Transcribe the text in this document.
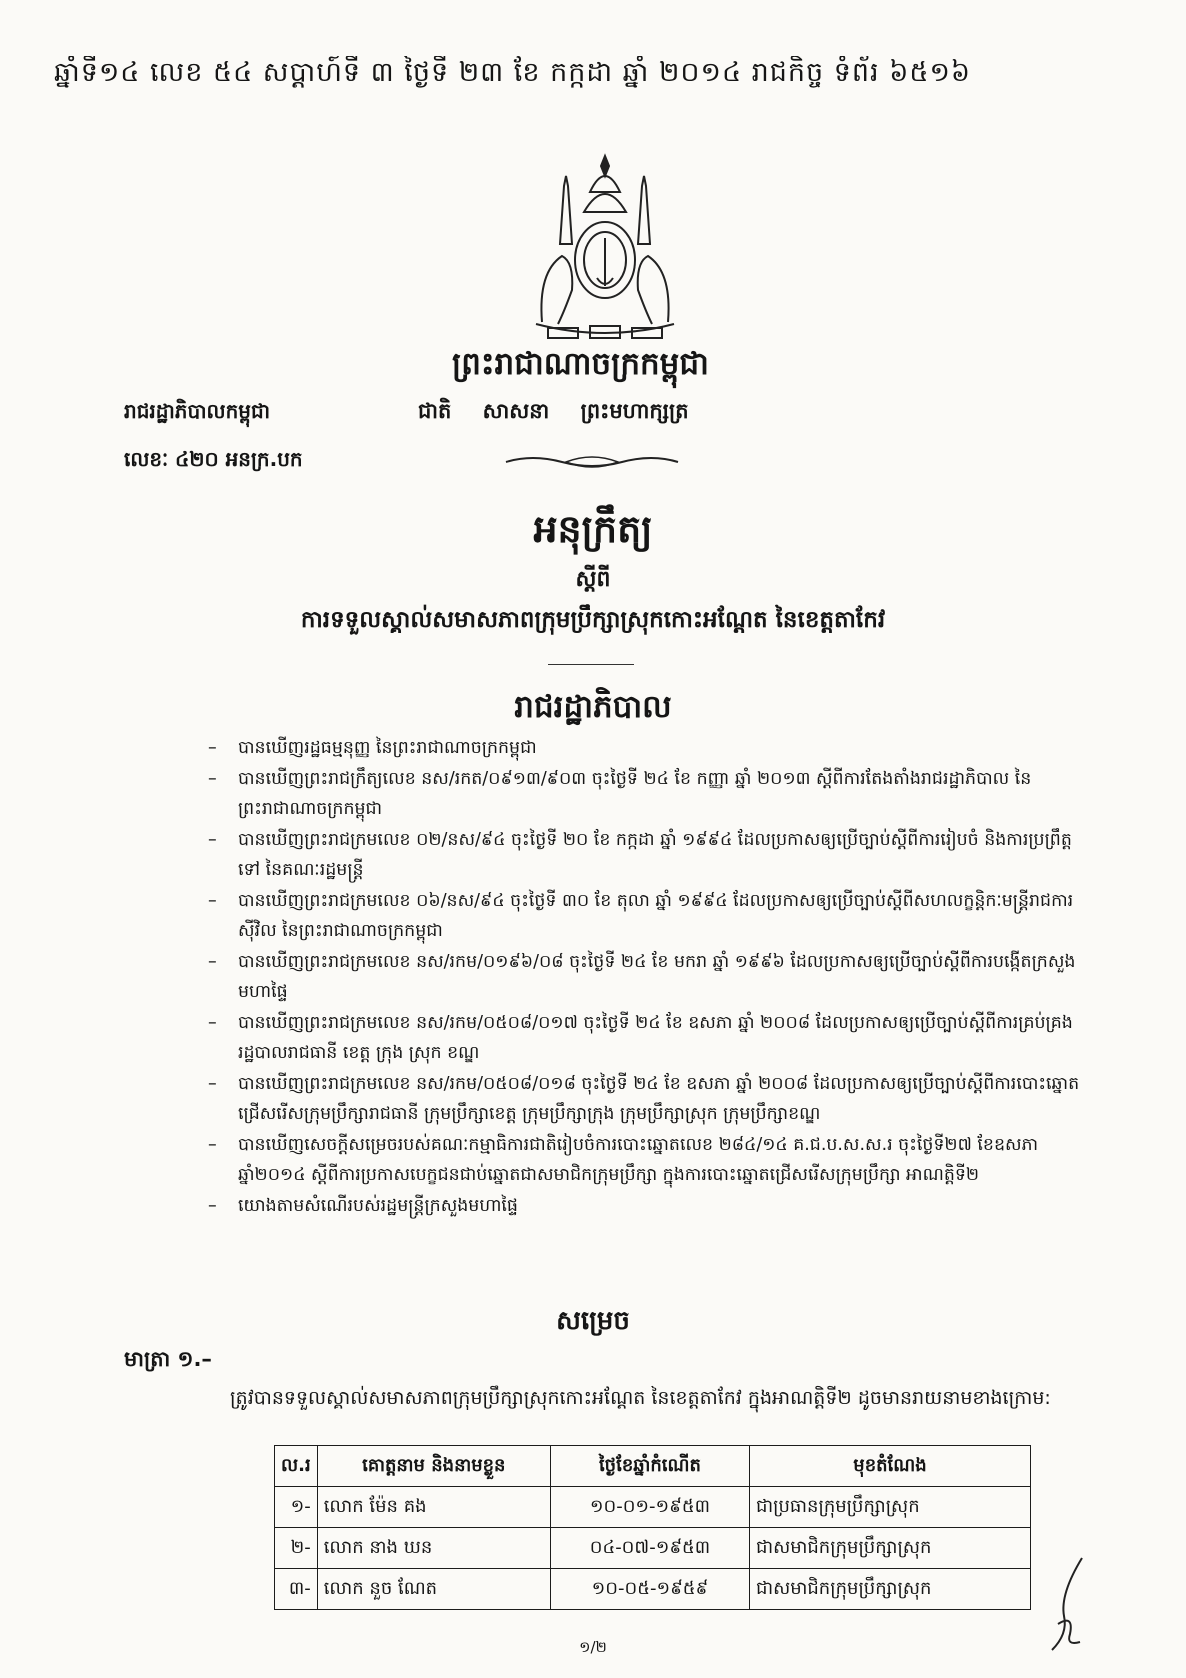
ឆ្នាំទី១៤ លេខ ៥៤ សប្តាហ៍ទី ៣ ថ្ងៃទី ២៣ ខែ កក្កដា ឆ្នាំ ២០១៤ រាជកិច្ច ទំព័រ ៦៥១៦
ព្រះរាជាណាចក្រកម្ពុជា
រាជរដ្ឋាភិបាលកម្ពុជា	ជាតិ សាសនា ព្រះមហាក្សត្រ
លេខៈ ៤២០ អនក្រ.បក
អនុក្រឹត្យ
ស្តីពី
ការទទួលស្គាល់សមាសភាពក្រុមប្រឹក្សាស្រុកកោះអណ្ដែត នៃខេត្តតាកែវ
រាជរដ្ឋាភិបាល
– បានឃើញរដ្ឋធម្មនុញ្ញ នៃព្រះរាជាណាចក្រកម្ពុជា
– បានឃើញព្រះរាជក្រឹត្យលេខ នស/រកត/០៩១៣/៩០៣ ចុះថ្ងៃទី ២៤ ខែ កញ្ញា ឆ្នាំ ២០១៣ ស្តីពីការតែងតាំងរាជរដ្ឋាភិបាល នៃព្រះរាជាណាចក្រកម្ពុជា
– បានឃើញព្រះរាជក្រមលេខ ០២/នស/៩៤ ចុះថ្ងៃទី ២០ ខែ កក្កដា ឆ្នាំ ១៩៩៤ ដែលប្រកាសឲ្យប្រើច្បាប់ស្តីពីការរៀបចំ និងការប្រព្រឹត្តទៅ នៃគណៈរដ្ឋមន្ត្រី
– បានឃើញព្រះរាជក្រមលេខ ០៦/នស/៩៤ ចុះថ្ងៃទី ៣០ ខែ តុលា ឆ្នាំ ១៩៩៤ ដែលប្រកាសឲ្យប្រើច្បាប់ស្តីពីសហលក្ខន្តិកៈមន្ត្រីរាជការស៊ីវិល នៃព្រះរាជាណាចក្រកម្ពុជា
– បានឃើញព្រះរាជក្រមលេខ នស/រកម/០១៩៦/០៨ ចុះថ្ងៃទី ២៤ ខែ មករា ឆ្នាំ ១៩៩៦ ដែលប្រកាសឲ្យប្រើច្បាប់ស្តីពីការបង្កើតក្រសួងមហាផ្ទៃ
– បានឃើញព្រះរាជក្រមលេខ នស/រកម/០៥០៨/០១៧ ចុះថ្ងៃទី ២៤ ខែ ឧសភា ឆ្នាំ ២០០៨ ដែលប្រកាសឲ្យប្រើច្បាប់ស្តីពីការគ្រប់គ្រងរដ្ឋបាលរាជធានី ខេត្ត ក្រុង ស្រុក ខណ្ឌ
– បានឃើញព្រះរាជក្រមលេខ នស/រកម/០៥០៨/០១៨ ចុះថ្ងៃទី ២៤ ខែ ឧសភា ឆ្នាំ ២០០៨ ដែលប្រកាសឲ្យប្រើច្បាប់ស្តីពីការបោះឆ្នោតជ្រើសរើសក្រុមប្រឹក្សារាជធានី ក្រុមប្រឹក្សាខេត្ត ក្រុមប្រឹក្សាក្រុង ក្រុមប្រឹក្សាស្រុក ក្រុមប្រឹក្សាខណ្ឌ
– បានឃើញសេចក្តីសម្រេចរបស់គណៈកម្មាធិការជាតិរៀបចំការបោះឆ្នោតលេខ ២៨៤/១៤ គ.ជ.ប.ស.ស.រ ចុះថ្ងៃទី២៧ ខែឧសភា ឆ្នាំ២០១៤ ស្តីពីការប្រកាសបេក្ខជនជាប់ឆ្នោតជាសមាជិកក្រុមប្រឹក្សា ក្នុងការបោះឆ្នោតជ្រើសរើសក្រុមប្រឹក្សា អាណត្តិទី២
– យោងតាមសំណើរបស់រដ្ឋមន្ត្រីក្រសួងមហាផ្ទៃ
សម្រេច
មាត្រា ១.–
ត្រូវបានទទួលស្គាល់សមាសភាពក្រុមប្រឹក្សាស្រុកកោះអណ្ដែត នៃខេត្តតាកែវ ក្នុងអាណត្តិទី២ ដូចមានរាយនាមខាងក្រោម:
ល.រ	គោត្តនាម និងនាមខ្លួន	ថ្ងៃខែឆ្នាំកំណើត	មុខតំណែង
១-	លោក ម៉ែន គង	១០-០១-១៩៥៣	ជាប្រធានក្រុមប្រឹក្សាស្រុក
២-	លោក នាង ឃន	០៤-០៧-១៩៥៣	ជាសមាជិកក្រុមប្រឹក្សាស្រុក
៣-	លោក នួច ណែត	១០-០៥-១៩៥៩	ជាសមាជិកក្រុមប្រឹក្សាស្រុក
១/២
